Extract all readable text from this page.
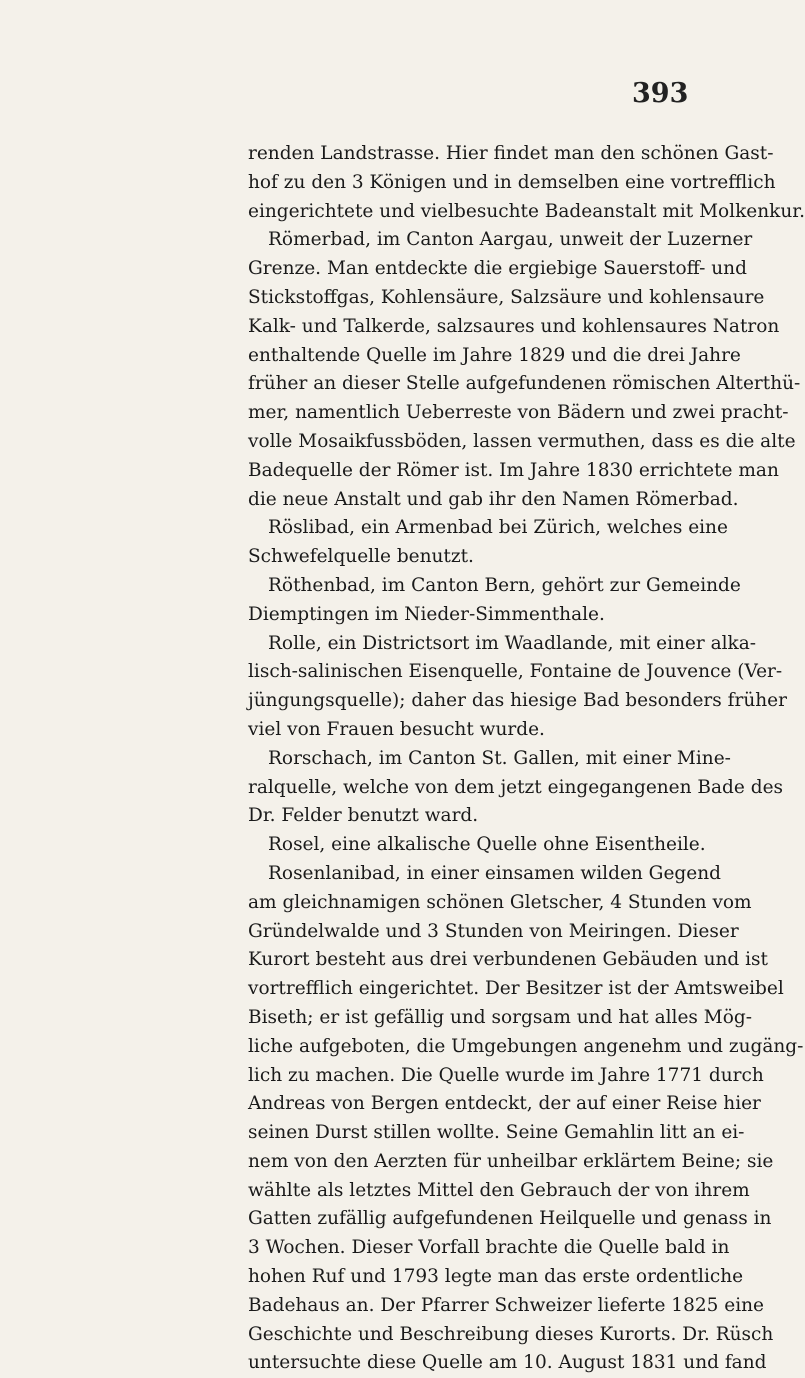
393
renden Landstrasse. Hier findet man den schönen Gast-
hof zu den 3 Königen und in demselben eine vortrefflich
eingerichtete und vielbesuchte Badeanstalt mit Molkenkur.
Römerbad, im Canton Aargau, unweit der Luzerner
Grenze. Man entdeckte die ergiebige Sauerstoff- und
Stickstoffgas, Kohlensäure, Salzsäure und kohlensaure
Kalk- und Talkerde, salzsaures und kohlensaures Natron
enthaltende Quelle im Jahre 1829 und die drei Jahre
früher an dieser Stelle aufgefundenen römischen Alterthü-
mer, namentlich Ueberreste von Bädern und zwei pracht-
volle Mosaikfussböden, lassen vermuthen, dass es die alte
Badequelle der Römer ist. Im Jahre 1830 errichtete man
die neue Anstalt und gab ihr den Namen Römerbad.
Röslibad, ein Armenbad bei Zürich, welches eine
Schwefelquelle benutzt.
Röthenbad, im Canton Bern, gehört zur Gemeinde
Diemptingen im Nieder-Simmenthale.
Rolle, ein Districtsort im Waadlande, mit einer alka-
lisch-salinischen Eisenquelle, Fontaine de Jouvence (Ver-
jüngungsquelle); daher das hiesige Bad besonders früher
viel von Frauen besucht wurde.
Rorschach, im Canton St. Gallen, mit einer Mine-
ralquelle, welche von dem jetzt eingegangenen Bade des
Dr. Felder benutzt ward.
Rosel, eine alkalische Quelle ohne Eisentheile.
Rosenlanibad, in einer einsamen wilden Gegend
am gleichnamigen schönen Gletscher, 4 Stunden vom
Gründelwalde und 3 Stunden von Meiringen. Dieser
Kurort besteht aus drei verbundenen Gebäuden und ist
vortrefflich eingerichtet. Der Besitzer ist der Amtsweibel
Biseth; er ist gefällig und sorgsam und hat alles Mög-
liche aufgeboten, die Umgebungen angenehm und zugäng-
lich zu machen. Die Quelle wurde im Jahre 1771 durch
Andreas von Bergen entdeckt, der auf einer Reise hier
seinen Durst stillen wollte. Seine Gemahlin litt an ei-
nem von den Aerzten für unheilbar erklärtem Beine; sie
wählte als letztes Mittel den Gebrauch der von ihrem
Gatten zufällig aufgefundenen Heilquelle und genass in
3 Wochen. Dieser Vorfall brachte die Quelle bald in
hohen Ruf und 1793 legte man das erste ordentliche
Badehaus an. Der Pfarrer Schweizer lieferte 1825 eine
Geschichte und Beschreibung dieses Kurorts. Dr. Rüsch
untersuchte diese Quelle am 10. August 1831 und fand
